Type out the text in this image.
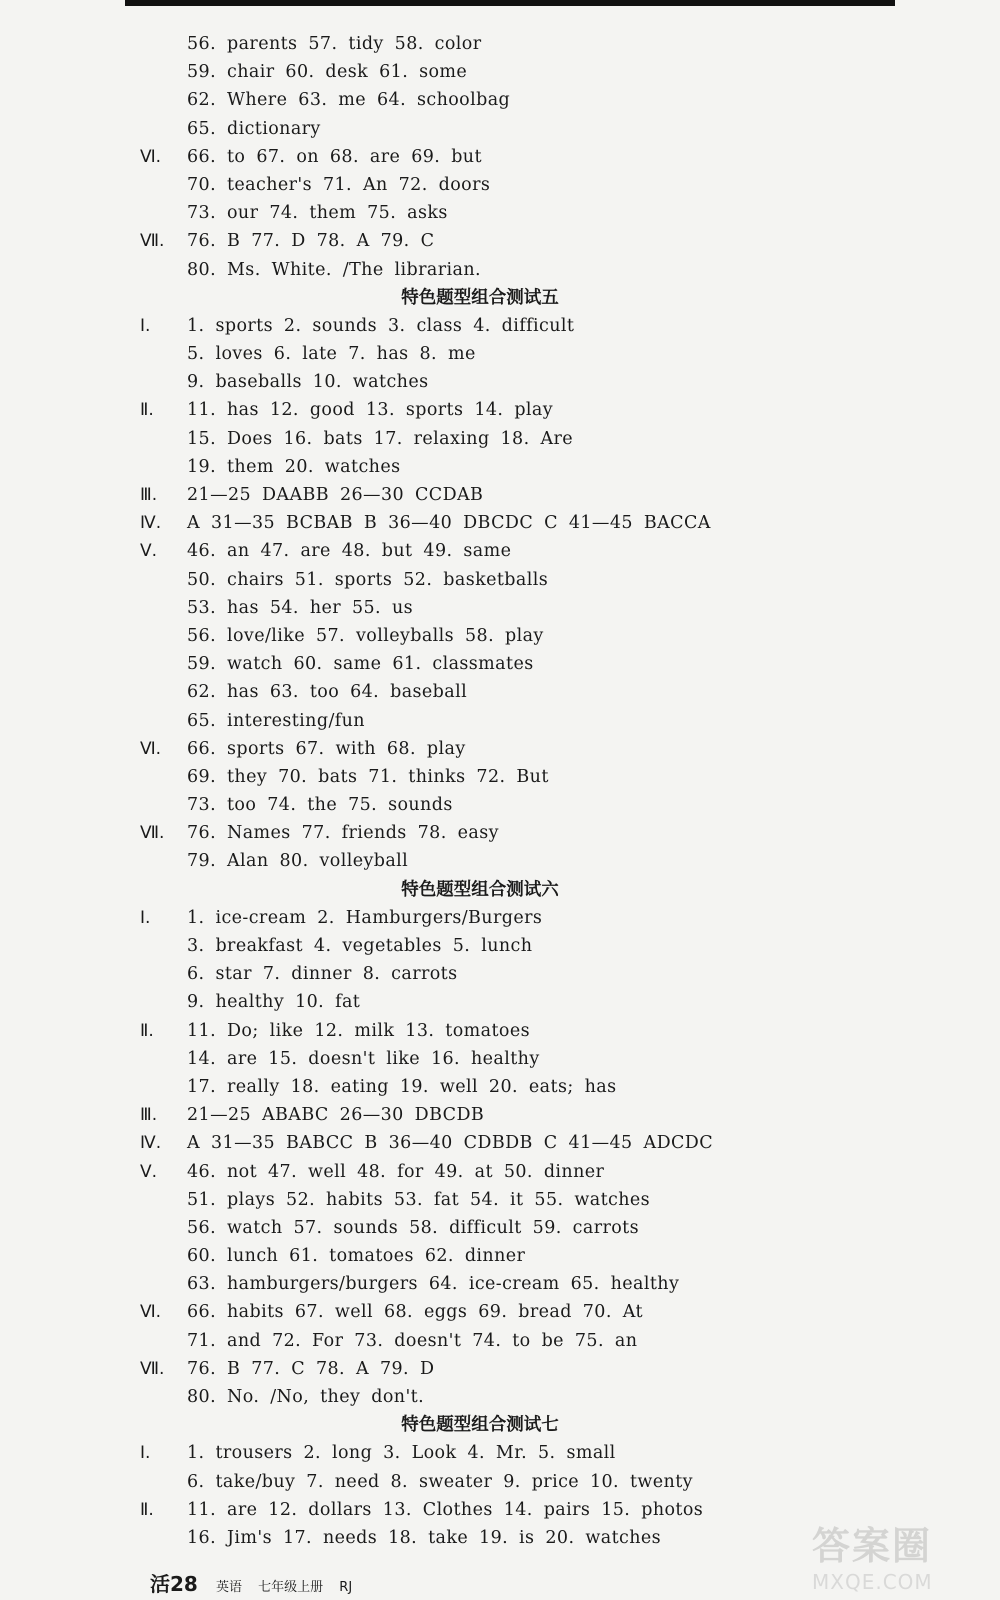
56. parents 57. tidy 58. color
59. chair 60. desk 61. some
62. Where 63. me 64. schoolbag
65. dictionary
Ⅵ. 66. to 67. on 68. are 69. but
70. teacher's 71. An 72. doors
73. our 74. them 75. asks
Ⅶ. 76. B 77. D 78. A 79. C
80. Ms. White. /The librarian.
特色题型组合测试五
Ⅰ. 1. sports 2. sounds 3. class 4. difficult
5. loves 6. late 7. has 8. me
9. baseballs 10. watches
Ⅱ. 11. has 12. good 13. sports 14. play
15. Does 16. bats 17. relaxing 18. Are
19. them 20. watches
Ⅲ. 21—25 DAABB 26—30 CCDAB
Ⅳ. A 31—35 BCBAB B 36—40 DBCDC C 41—45 BACCA
Ⅴ. 46. an 47. are 48. but 49. same
50. chairs 51. sports 52. basketballs
53. has 54. her 55. us
56. love/like 57. volleyballs 58. play
59. watch 60. same 61. classmates
62. has 63. too 64. baseball
65. interesting/fun
Ⅵ. 66. sports 67. with 68. play
69. they 70. bats 71. thinks 72. But
73. too 74. the 75. sounds
Ⅶ. 76. Names 77. friends 78. easy
79. Alan 80. volleyball
特色题型组合测试六
Ⅰ. 1. ice-cream 2. Hamburgers/Burgers
3. breakfast 4. vegetables 5. lunch
6. star 7. dinner 8. carrots
9. healthy 10. fat
Ⅱ. 11. Do; like 12. milk 13. tomatoes
14. are 15. doesn't like 16. healthy
17. really 18. eating 19. well 20. eats; has
Ⅲ. 21—25 ABABC 26—30 DBCDB
Ⅳ. A 31—35 BABCC B 36—40 CDBDB C 41—45 ADCDC
Ⅴ. 46. not 47. well 48. for 49. at 50. dinner
51. plays 52. habits 53. fat 54. it 55. watches
56. watch 57. sounds 58. difficult 59. carrots
60. lunch 61. tomatoes 62. dinner
63. hamburgers/burgers 64. ice-cream 65. healthy
Ⅵ. 66. habits 67. well 68. eggs 69. bread 70. At
71. and 72. For 73. doesn't 74. to be 75. an
Ⅶ. 76. B 77. C 78. A 79. D
80. No. /No, they don't.
特色题型组合测试七
Ⅰ. 1. trousers 2. long 3. Look 4. Mr. 5. small
6. take/buy 7. need 8. sweater 9. price 10. twenty
Ⅱ. 11. are 12. dollars 13. Clothes 14. pairs 15. photos
16. Jim's 17. needs 18. take 19. is 20. watches
活28 英语 七年级上册 RJ
答案圈
MXQE.COM
